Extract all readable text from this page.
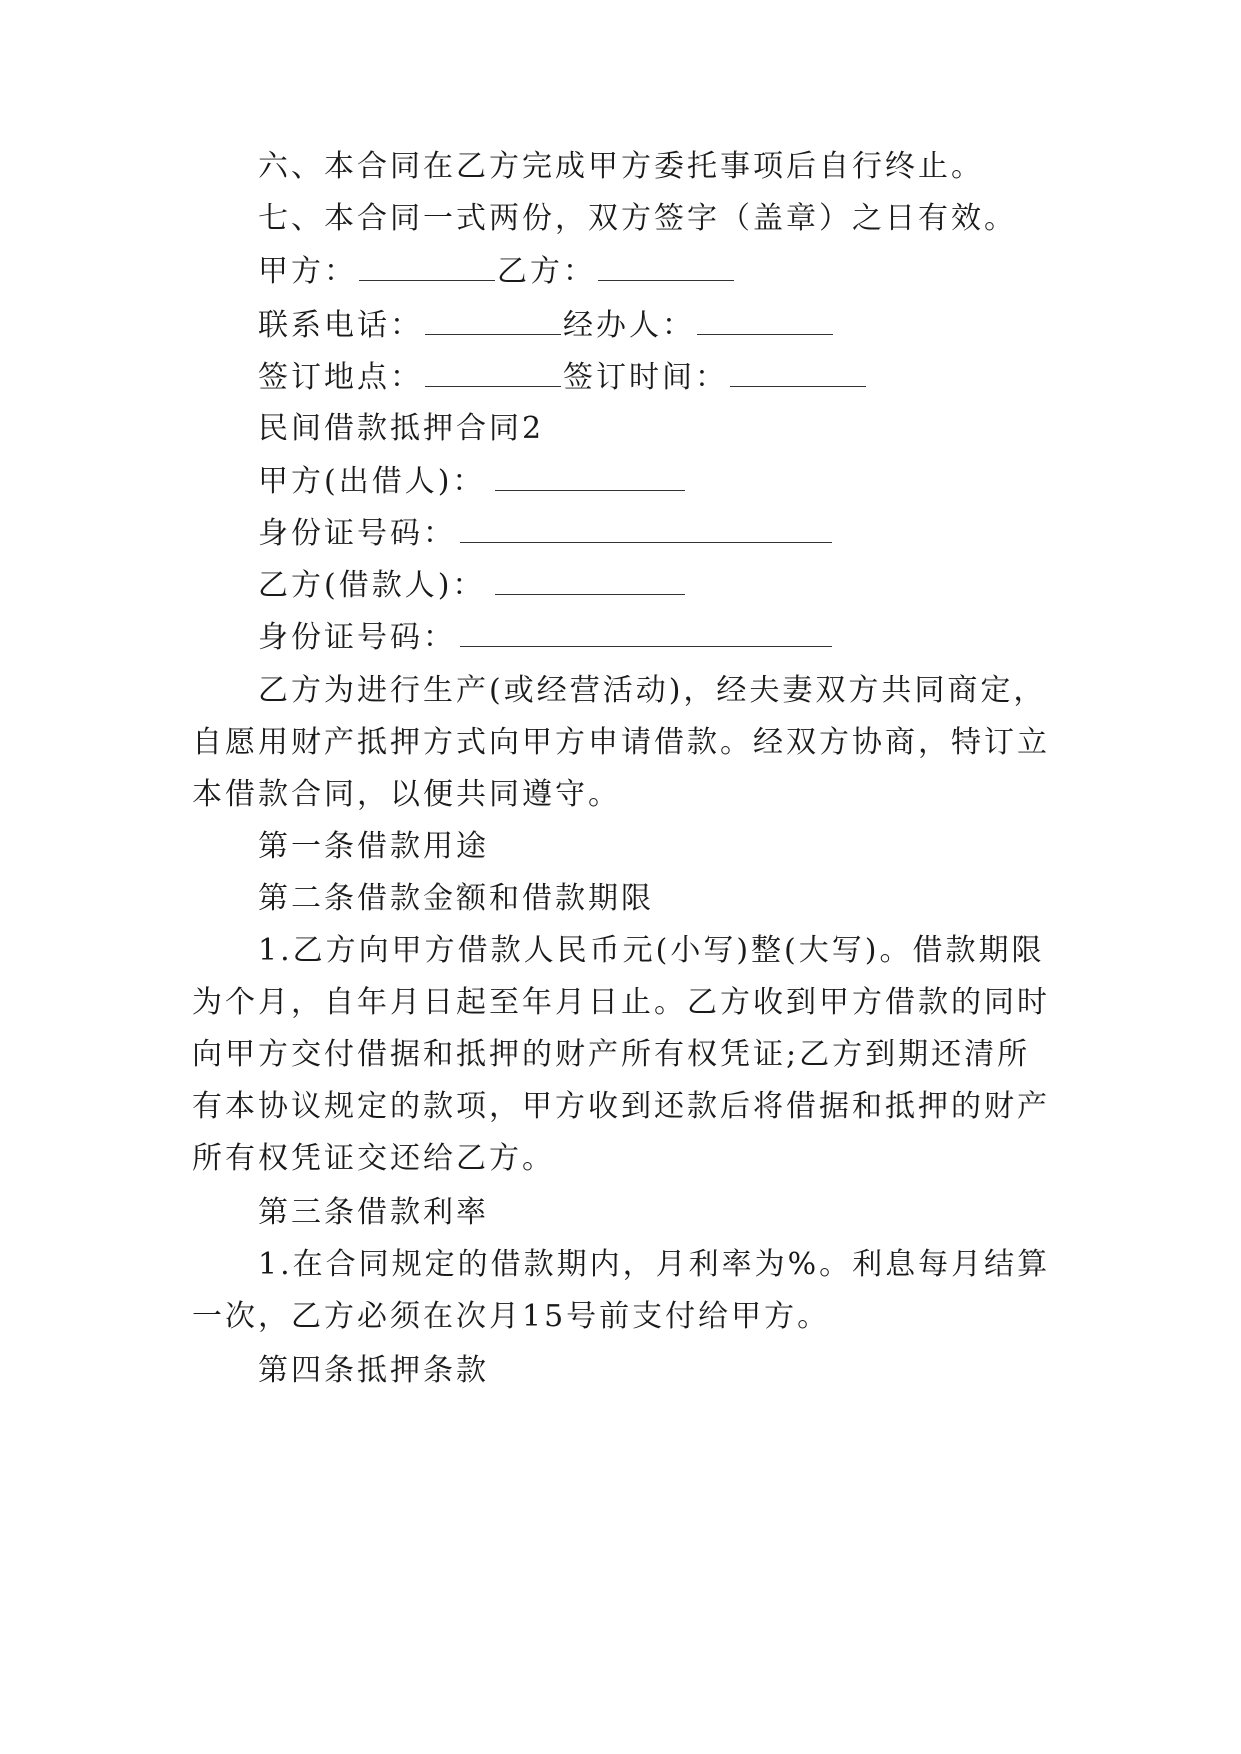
六、本合同在乙方完成甲方委托事项后自行终止。
七、本合同一式两份，双方签字（盖章）之日有效。
甲方：	乙方：
联系电话：	经办人：
签订地点：	签订时间：
民间借款抵押合同2
甲方(出借人)：
身份证号码：
乙方(借款人)：
身份证号码：
乙方为进行生产(或经营活动)，经夫妻双方共同商定，
自愿用财产抵押方式向甲方申请借款。经双方协商，特订立
本借款合同，以便共同遵守。
第一条借款用途
第二条借款金额和借款期限
1.乙方向甲方借款人民币元(小写)整(大写)。借款期限
为个月，自年月日起至年月日止。乙方收到甲方借款的同时
向甲方交付借据和抵押的财产所有权凭证;乙方到期还清所
有本协议规定的款项，甲方收到还款后将借据和抵押的财产
所有权凭证交还给乙方。
第三条借款利率
1.在合同规定的借款期内，月利率为%。利息每月结算
一次，乙方必须在次月15号前支付给甲方。
第四条抵押条款
